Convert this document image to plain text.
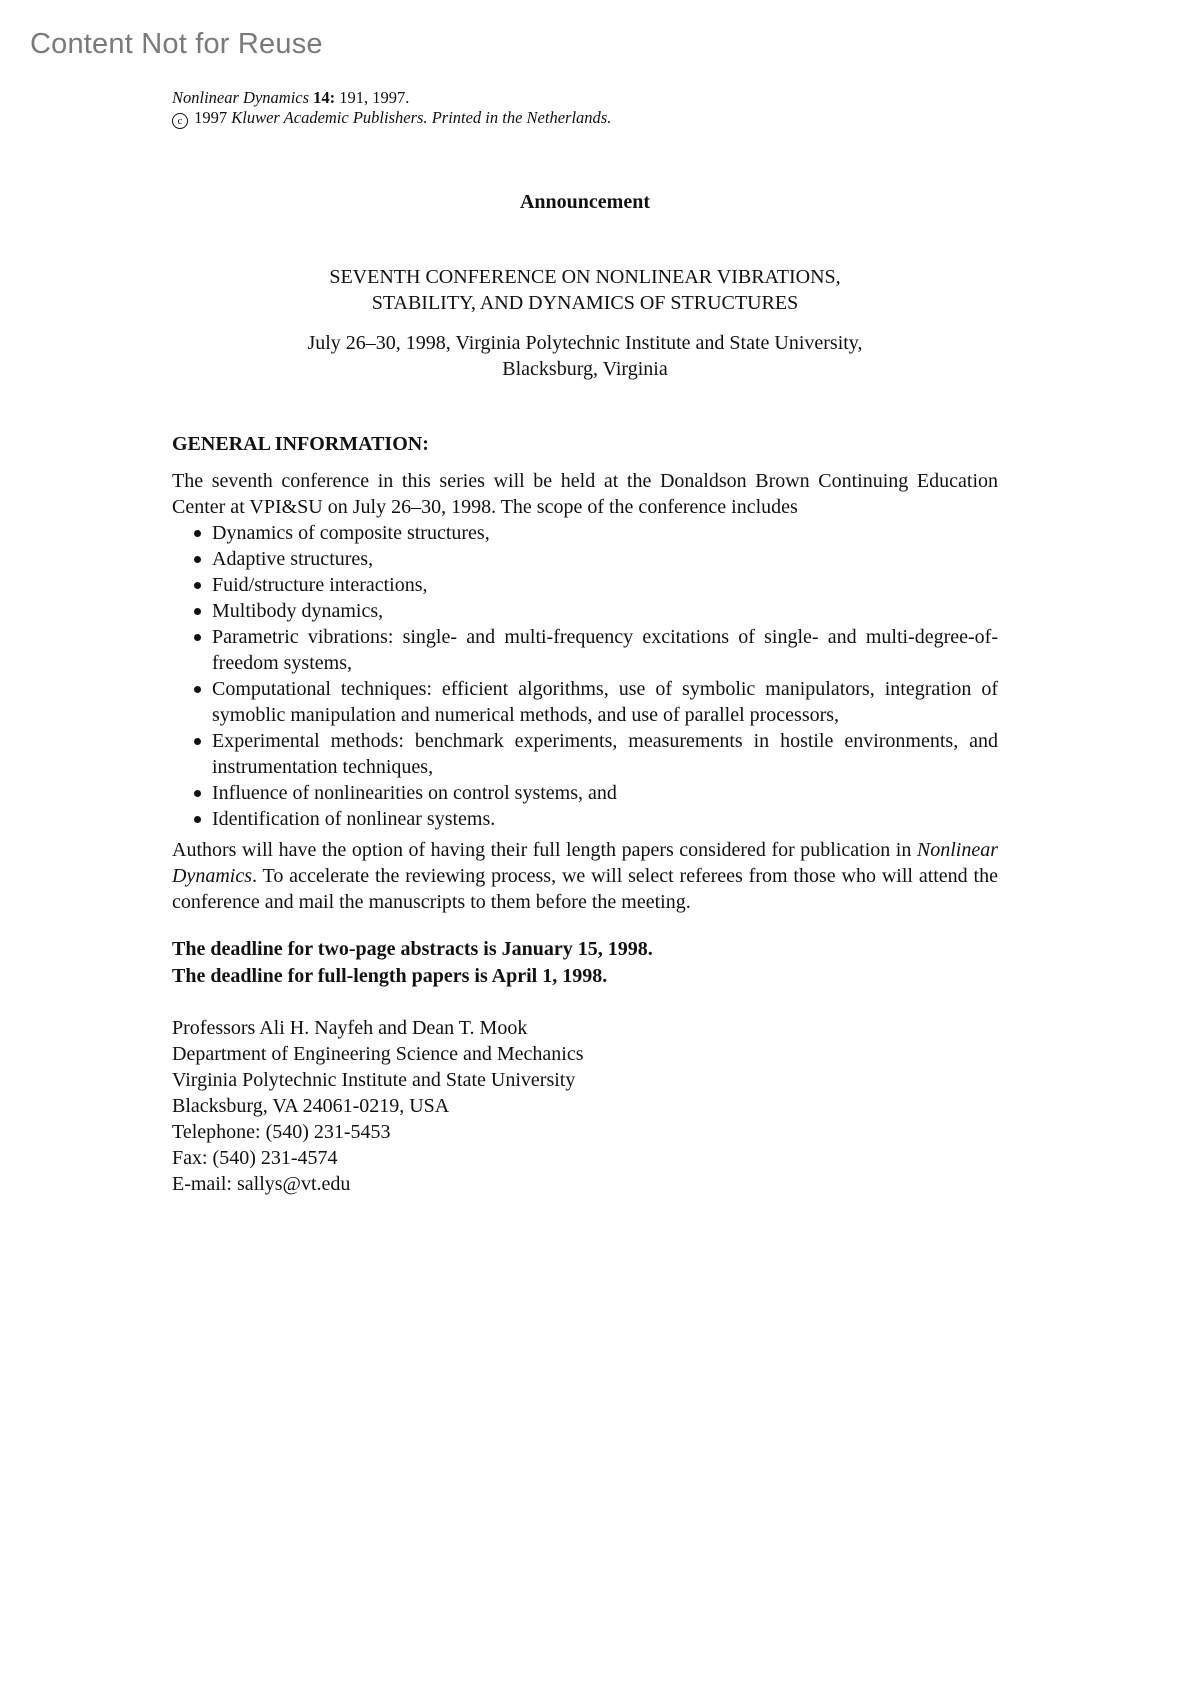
Content Not for Reuse
Nonlinear Dynamics 14: 191, 1997.
c 1997 Kluwer Academic Publishers. Printed in the Netherlands.
Announcement
SEVENTH CONFERENCE ON NONLINEAR VIBRATIONS,
STABILITY, AND DYNAMICS OF STRUCTURES
July 26–30, 1998, Virginia Polytechnic Institute and State University,
Blacksburg, Virginia
GENERAL INFORMATION:
The seventh conference in this series will be held at the Donaldson Brown Continuing Education Center at VPI&SU on July 26–30, 1998. The scope of the conference includes
Dynamics of composite structures,
Adaptive structures,
Fuid/structure interactions,
Multibody dynamics,
Parametric vibrations: single- and multi-frequency excitations of single- and multi-degree-of-freedom systems,
Computational techniques: efficient algorithms, use of symbolic manipulators, integration of symoblic manipulation and numerical methods, and use of parallel processors,
Experimental methods: benchmark experiments, measurements in hostile environments, and instrumentation techniques,
Influence of nonlinearities on control systems, and
Identification of nonlinear systems.
Authors will have the option of having their full length papers considered for publication in Nonlinear Dynamics. To accelerate the reviewing process, we will select referees from those who will attend the conference and mail the manuscripts to them before the meeting.
The deadline for two-page abstracts is January 15, 1998.
The deadline for full-length papers is April 1, 1998.
Professors Ali H. Nayfeh and Dean T. Mook
Department of Engineering Science and Mechanics
Virginia Polytechnic Institute and State University
Blacksburg, VA 24061-0219, USA
Telephone: (540) 231-5453
Fax: (540) 231-4574
E-mail: sallys@vt.edu
